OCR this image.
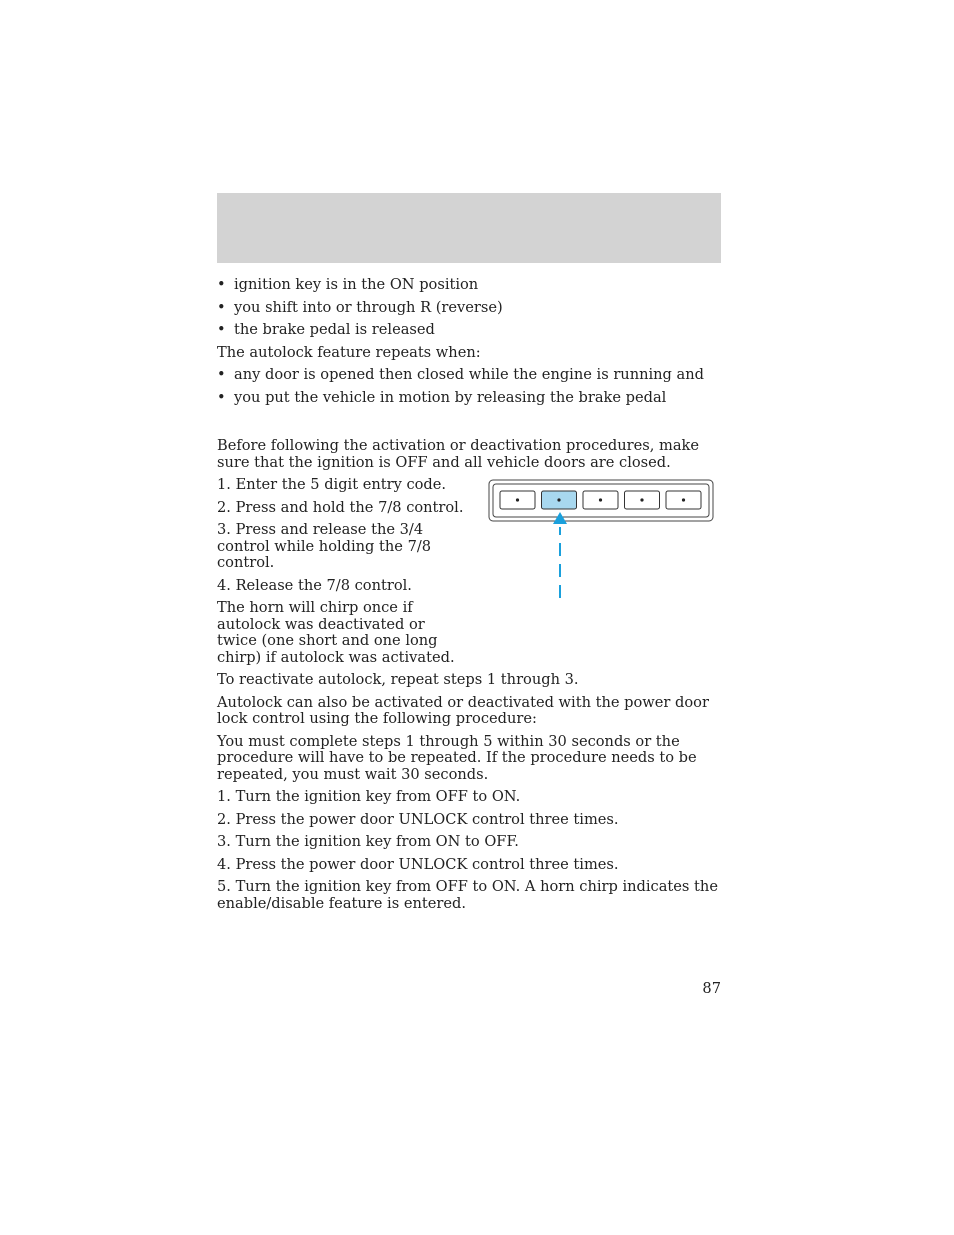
• ignition key is in the ON position
• you shift into or through R (reverse)
• the brake pedal is released

The autolock feature repeats when:

• any door is opened then closed while the engine is running and
• you put the vehicle in motion by releasing the brake pedal

Before following the activation or deactivation procedures, make sure that the ignition is OFF and all vehicle doors are closed.

1. Enter the 5 digit entry code.

2. Press and hold the 7/8 control.

3. Press and release the 3/4 control while holding the 7/8 control.

4. Release the 7/8 control.

The horn will chirp once if autolock was deactivated or twice (one short and one long chirp) if autolock was activated.

To reactivate autolock, repeat steps 1 through 3.

Autolock can also be activated or deactivated with the power door lock control using the following procedure:

You must complete steps 1 through 5 within 30 seconds or the procedure will have to be repeated. If the procedure needs to be repeated, you must wait 30 seconds.

1. Turn the ignition key from OFF to ON.

2. Press the power door UNLOCK control three times.

3. Turn the ignition key from ON to OFF.

4. Press the power door UNLOCK control three times.

5. Turn the ignition key from OFF to ON. A horn chirp indicates the enable/disable feature is entered.

87
